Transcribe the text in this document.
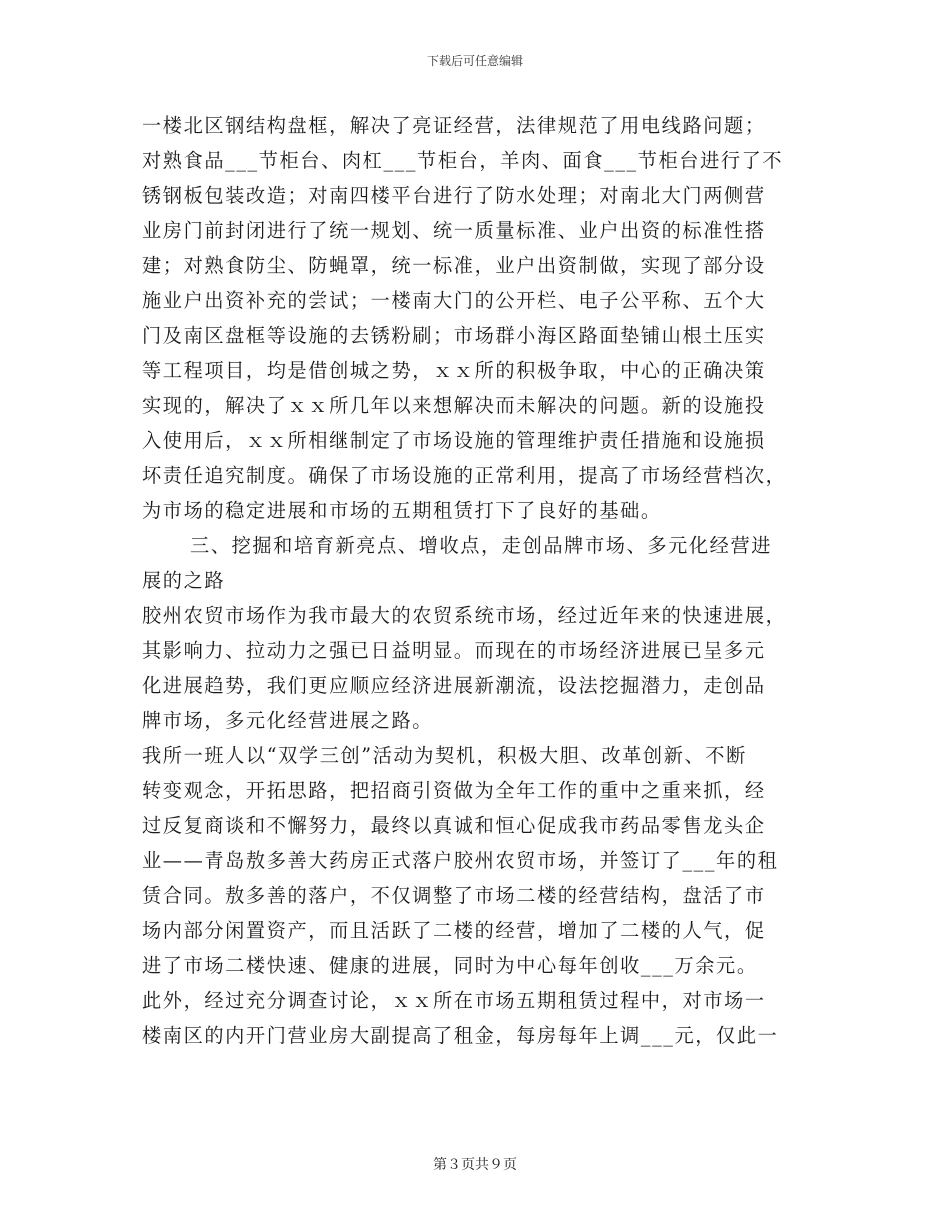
下载后可任意编辑
一楼北区钢结构盘框，解决了亮证经营，法律规范了用电线路问题；
对熟食品___节柜台、肉杠___节柜台，羊肉、面食___节柜台进行了不
锈钢板包装改造；对南四楼平台进行了防水处理；对南北大门两侧营
业房门前封闭进行了统一规划、统一质量标准、业户出资的标准性搭
建；对熟食防尘、防蝇罩，统一标准，业户出资制做，实现了部分设
施业户出资补充的尝试；一楼南大门的公开栏、电子公平称、五个大
门及南区盘框等设施的去锈粉刷；市场群小海区路面垫铺山根土压实
等工程项目，均是借创城之势，ｘｘ所的积极争取，中心的正确决策
实现的，解决了ｘｘ所几年以来想解决而未解决的问题。新的设施投
入使用后，ｘｘ所相继制定了市场设施的管理维护责任措施和设施损
坏责任追究制度。确保了市场设施的正常利用，提高了市场经营档次，
为市场的稳定进展和市场的五期租赁打下了良好的基础。
三、挖掘和培育新亮点、增收点，走创品牌市场、多元化经营进
展的之路
胶州农贸市场作为我市最大的农贸系统市场，经过近年来的快速进展，
其影响力、拉动力之强已日益明显。而现在的市场经济进展已呈多元
化进展趋势，我们更应顺应经济进展新潮流，设法挖掘潜力，走创品
牌市场，多元化经营进展之路。
我所一班人以“双学三创”活动为契机，积极大胆、改革创新、不断
转变观念，开拓思路，把招商引资做为全年工作的重中之重来抓，经
过反复商谈和不懈努力，最终以真诚和恒心促成我市药品零售龙头企
业——青岛敖多善大药房正式落户胶州农贸市场，并签订了___年的租
赁合同。敖多善的落户，不仅调整了市场二楼的经营结构，盘活了市
场内部分闲置资产，而且活跃了二楼的经营，增加了二楼的人气，促
进了市场二楼快速、健康的进展，同时为中心每年创收___万余元。
此外，经过充分调查讨论，ｘｘ所在市场五期租赁过程中，对市场一
楼南区的内开门营业房大副提高了租金，每房每年上调___元，仅此一
第３页共９页
